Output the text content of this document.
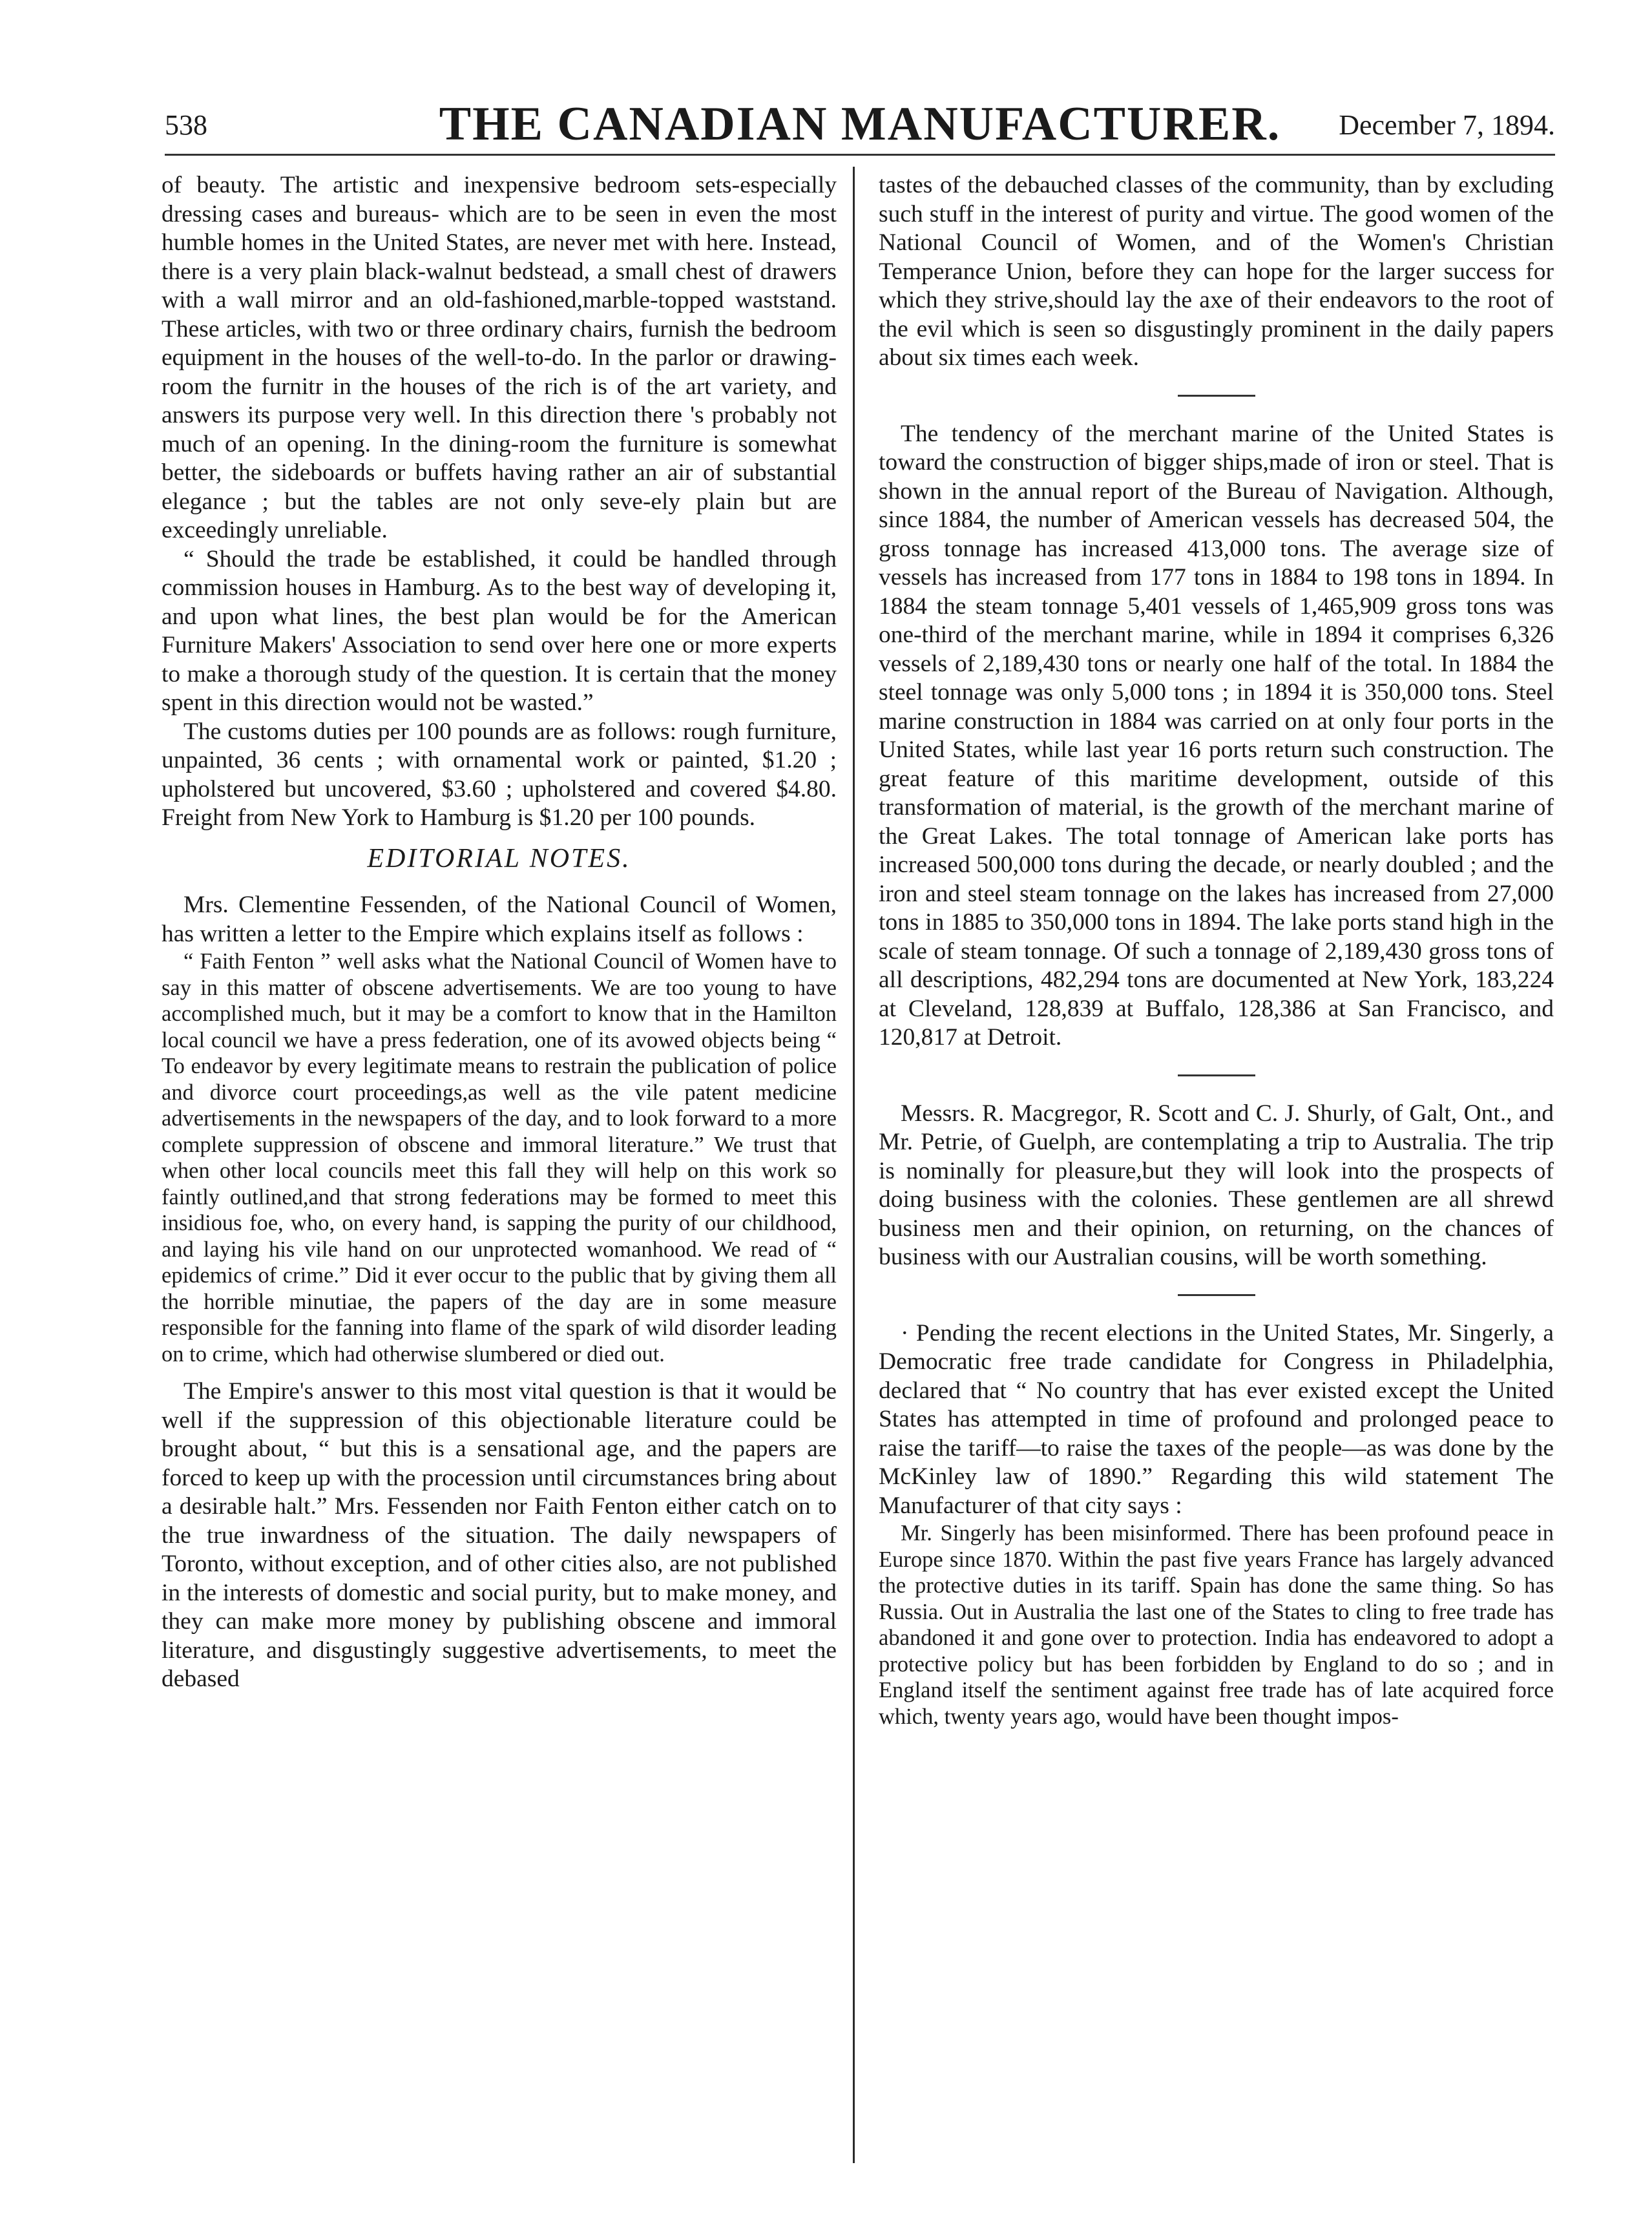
538	THE CANADIAN MANUFACTURER.	December 7, 1894.

of beauty. The artistic and inexpensive bedroom sets-especially dressing cases and bureaus- which are to be seen in even the most humble homes in the United States, are never met with here. Instead, there is a very plain black-walnut bedstead, a small chest of drawers with a wall mirror and an old-fashioned,marble-topped waststand. These articles, with two or three ordinary chairs, furnish the bedroom equipment in the houses of the well-to-do. In the parlor or drawing-room the furnitr in the houses of the rich is of the art variety, and answers its purpose very well. In this direction there 's probably not much of an opening. In the dining-room the furniture is somewhat better, the sideboards or buffets having rather an air of substantial elegance ; but the tables are not only seve-ely plain but are exceedingly unreliable.

“ Should the trade be established, it could be handled through commission houses in Hamburg. As to the best way of developing it, and upon what lines, the best plan would be for the American Furniture Makers' Association to send over here one or more experts to make a thorough study of the question. It is certain that the money spent in this direction would not be wasted.”

The customs duties per 100 pounds are as follows: rough furniture, unpainted, 36 cents ; with ornamental work or painted, $1.20 ; upholstered but uncovered, $3.60 ; upholstered and covered $4.80. Freight from New York to Hamburg is $1.20 per 100 pounds.

EDITORIAL NOTES.

Mrs. Clementine Fessenden, of the National Council of Women, has written a letter to the Empire which explains itself as follows :

“ Faith Fenton ” well asks what the National Council of Women have to say in this matter of obscene advertisements. We are too young to have accomplished much, but it may be a comfort to know that in the Hamilton local council we have a press federation, one of its avowed objects being “ To endeavor by every legitimate means to restrain the publication of police and divorce court proceedings,as well as the vile patent medicine advertisements in the newspapers of the day, and to look forward to a more complete suppression of obscene and immoral literature.” We trust that when other local councils meet this fall they will help on this work so faintly outlined,and that strong federations may be formed to meet this insidious foe, who, on every hand, is sapping the purity of our childhood, and laying his vile hand on our unprotected womanhood. We read of “ epidemics of crime.” Did it ever occur to the public that by giving them all the horrible minutiae, the papers of the day are in some measure responsible for the fanning into flame of the spark of wild disorder leading on to crime, which had otherwise slumbered or died out.

The Empire's answer to this most vital question is that it would be well if the suppression of this objectionable literature could be brought about, “ but this is a sensational age, and the papers are forced to keep up with the procession until circumstances bring about a desirable halt.” Mrs. Fessenden nor Faith Fenton either catch on to the true inwardness of the situation. The daily newspapers of Toronto, without exception, and of other cities also, are not published in the interests of domestic and social purity, but to make money, and they can make more money by publishing obscene and immoral literature, and disgustingly suggestive advertisements, to meet the debased

tastes of the debauched classes of the community, than by excluding such stuff in the interest of purity and virtue. The good women of the National Council of Women, and of the Women's Christian Temperance Union, before they can hope for the larger success for which they strive,should lay the axe of their endeavors to the root of the evil which is seen so disgustingly prominent in the daily papers about six times each week.

The tendency of the merchant marine of the United States is toward the construction of bigger ships,made of iron or steel. That is shown in the annual report of the Bureau of Navigation. Although, since 1884, the number of American vessels has decreased 504, the gross tonnage has increased 413,000 tons. The average size of vessels has increased from 177 tons in 1884 to 198 tons in 1894. In 1884 the steam tonnage 5,401 vessels of 1,465,909 gross tons was one-third of the merchant marine, while in 1894 it comprises 6,326 vessels of 2,189,430 tons or nearly one half of the total. In 1884 the steel tonnage was only 5,000 tons ; in 1894 it is 350,000 tons. Steel marine construction in 1884 was carried on at only four ports in the United States, while last year 16 ports return such construction. The great feature of this maritime development, outside of this transformation of material, is the growth of the merchant marine of the Great Lakes. The total tonnage of American lake ports has increased 500,000 tons during the decade, or nearly doubled ; and the iron and steel steam tonnage on the lakes has increased from 27,000 tons in 1885 to 350,000 tons in 1894. The lake ports stand high in the scale of steam tonnage. Of such a tonnage of 2,189,430 gross tons of all descriptions, 482,294 tons are documented at New York, 183,224 at Cleveland, 128,839 at Buffalo, 128,386 at San Francisco, and 120,817 at Detroit.

Messrs. R. Macgregor, R. Scott and C. J. Shurly, of Galt, Ont., and Mr. Petrie, of Guelph, are contemplating a trip to Australia. The trip is nominally for pleasure,but they will look into the prospects of doing business with the colonies. These gentlemen are all shrewd business men and their opinion, on returning, on the chances of business with our Australian cousins, will be worth something.

· Pending the recent elections in the United States, Mr. Singerly, a Democratic free trade candidate for Congress in Philadelphia, declared that “ No country that has ever existed except the United States has attempted in time of profound and prolonged peace to raise the tariff—to raise the taxes of the people—as was done by the McKinley law of 1890.” Regarding this wild statement The Manufacturer of that city says :

Mr. Singerly has been misinformed. There has been profound peace in Europe since 1870. Within the past five years France has largely advanced the protective duties in its tariff. Spain has done the same thing. So has Russia. Out in Australia the last one of the States to cling to free trade has abandoned it and gone over to protection. India has endeavored to adopt a protective policy but has been forbidden by England to do so ; and in England itself the sentiment against free trade has of late acquired force which, twenty years ago, would have been thought impos-
